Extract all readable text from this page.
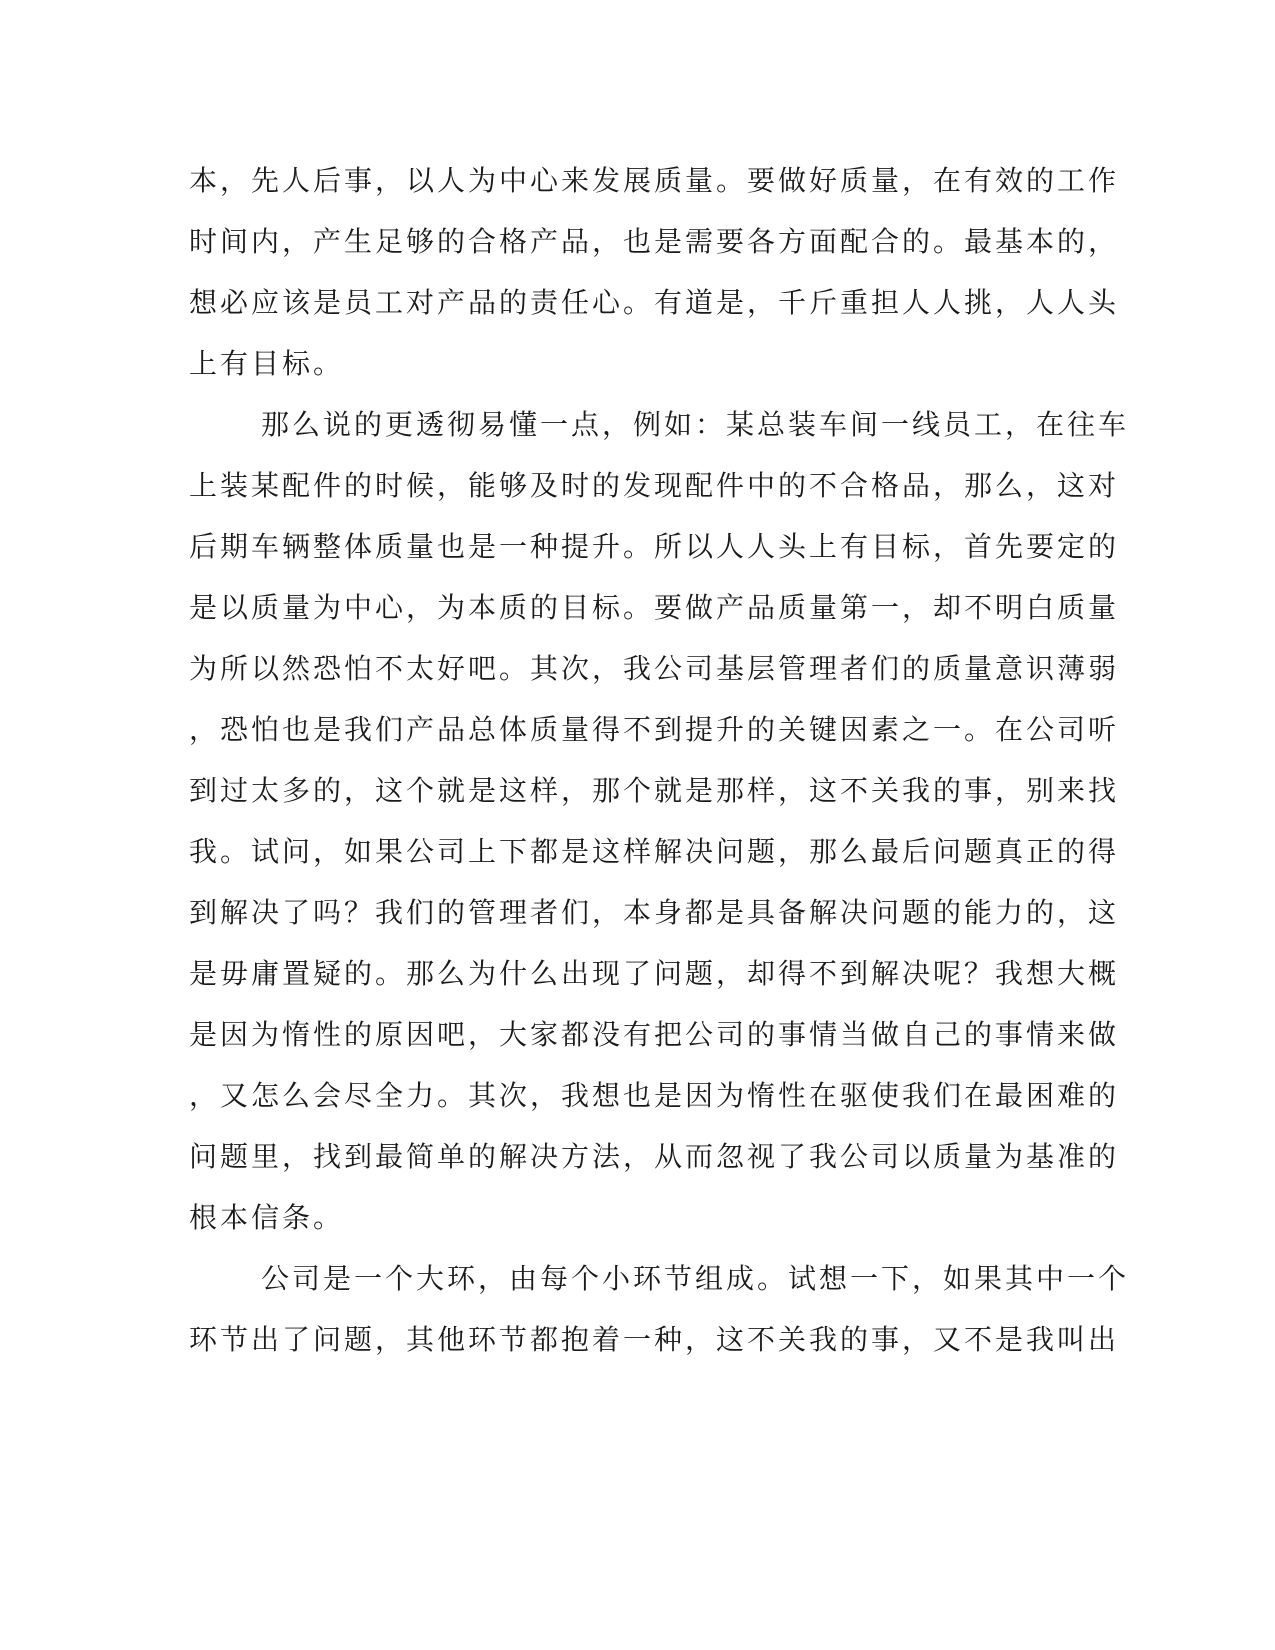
本，先人后事，以人为中心来发展质量。要做好质量，在有效的工作
时间内，产生足够的合格产品，也是需要各方面配合的。最基本的，
想必应该是员工对产品的责任心。有道是，千斤重担人人挑，人人头
上有目标。
那么说的更透彻易懂一点，例如：某总装车间一线员工，在往车
上装某配件的时候，能够及时的发现配件中的不合格品，那么，这对
后期车辆整体质量也是一种提升。所以人人头上有目标，首先要定的
是以质量为中心，为本质的目标。要做产品质量第一，却不明白质量
为所以然恐怕不太好吧。其次，我公司基层管理者们的质量意识薄弱
，恐怕也是我们产品总体质量得不到提升的关键因素之一。在公司听
到过太多的，这个就是这样，那个就是那样，这不关我的事，别来找
我。试问，如果公司上下都是这样解决问题，那么最后问题真正的得
到解决了吗？我们的管理者们，本身都是具备解决问题的能力的，这
是毋庸置疑的。那么为什么出现了问题，却得不到解决呢？我想大概
是因为惰性的原因吧，大家都没有把公司的事情当做自己的事情来做
，又怎么会尽全力。其次，我想也是因为惰性在驱使我们在最困难的
问题里，找到最简单的解决方法，从而忽视了我公司以质量为基准的
根本信条。
公司是一个大环，由每个小环节组成。试想一下，如果其中一个
环节出了问题，其他环节都抱着一种，这不关我的事，又不是我叫出
